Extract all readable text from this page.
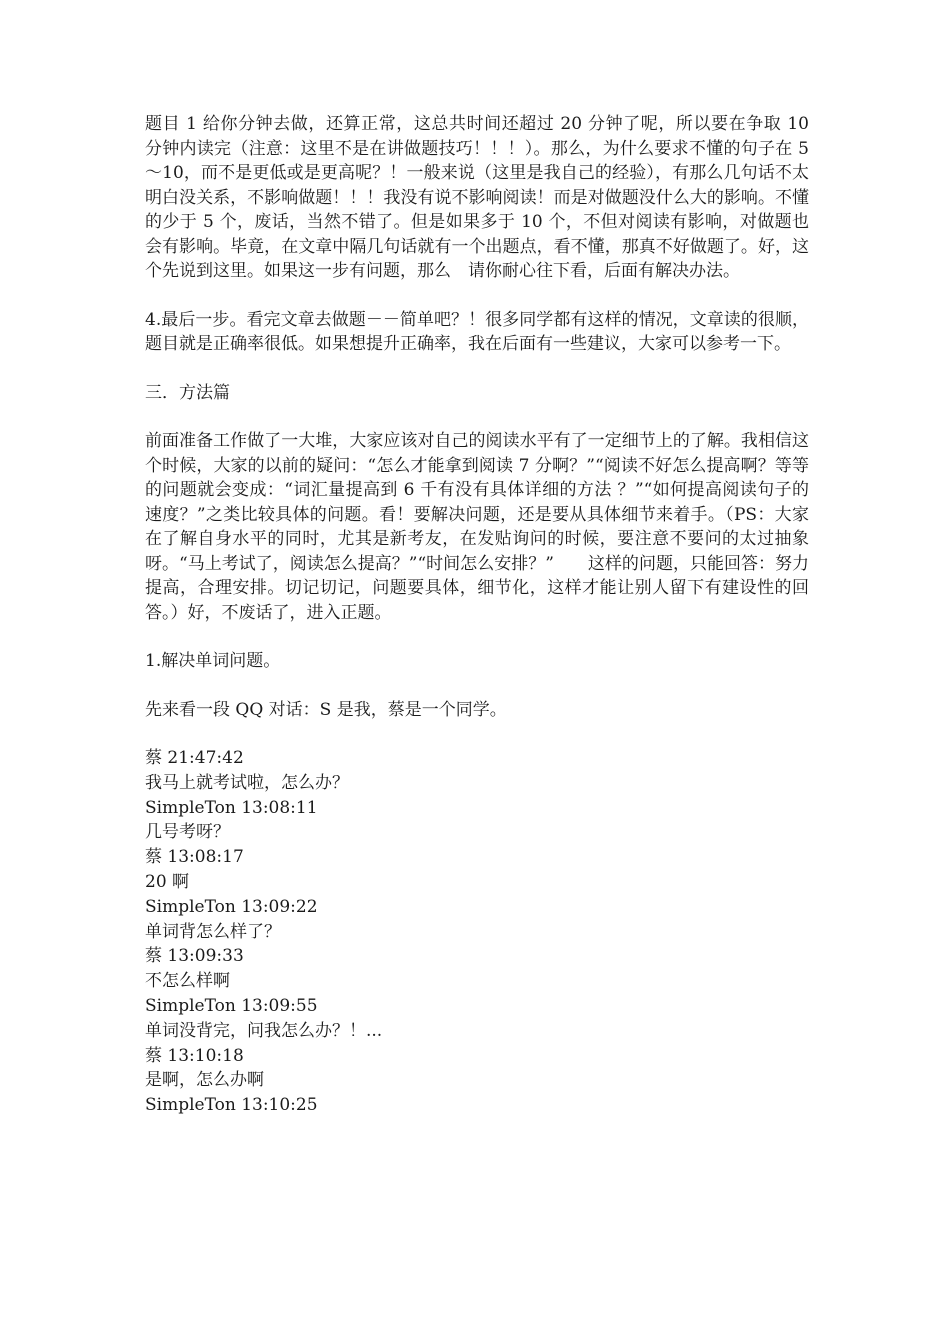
题目 1 给你分钟去做，还算正常，这总共时间还超过 20 分钟了呢，所以要在争取 10 分钟内读完（注意：这里不是在讲做题技巧！！！）。那么，为什么要求不懂的句子在 5～10，而不是更低或是更高呢？！一般来说（这里是我自己的经验），有那么几句话不太明白没关系，不影响做题！！！我没有说不影响阅读！而是对做题没什么大的影响。不懂的少于 5 个，废话，当然不错了。但是如果多于 10 个，不但对阅读有影响，对做题也会有影响。毕竟，在文章中隔几句话就有一个出题点，看不懂，那真不好做题了。好，这个先说到这里。如果这一步有问题，那么　请你耐心往下看，后面有解决办法。

4.最后一步。看完文章去做题－－简单吧？！很多同学都有这样的情况，文章读的很顺，题目就是正确率很低。如果想提升正确率，我在后面有一些建议，大家可以参考一下。

三．方法篇

前面准备工作做了一大堆，大家应该对自己的阅读水平有了一定细节上的了解。我相信这个时候，大家的以前的疑问：“怎么才能拿到阅读 7 分啊？”“阅读不好怎么提高啊？等等的问题就会变成：“词汇量提高到 6 千有没有具体详细的方法 ？”“如何提高阅读句子的速度？”之类比较具体的问题。看！要解决问题，还是要从具体细节来着手。（PS：大家在了解自身水平的同时，尤其是新考友，在发贴询问的时候，要注意不要问的太过抽象呀。“马上考试了，阅读怎么提高？”“时间怎么安排？”　　这样的问题，只能回答：努力提高，合理安排。切记切记，问题要具体，细节化，这样才能让别人留下有建设性的回答。）好，不废话了，进入正题。

1.解决单词问题。

先来看一段 QQ 对话：S 是我，蔡是一个同学。

蔡 21:47:42

我马上就考试啦，怎么办？

SimpleTon 13:08:11

几号考呀？

蔡 13:08:17

20 啊

SimpleTon 13:09:22

单词背怎么样了？

蔡 13:09:33

不怎么样啊

SimpleTon 13:09:55

单词没背完，问我怎么办？！...

蔡 13:10:18

是啊，怎么办啊

SimpleTon 13:10:25
